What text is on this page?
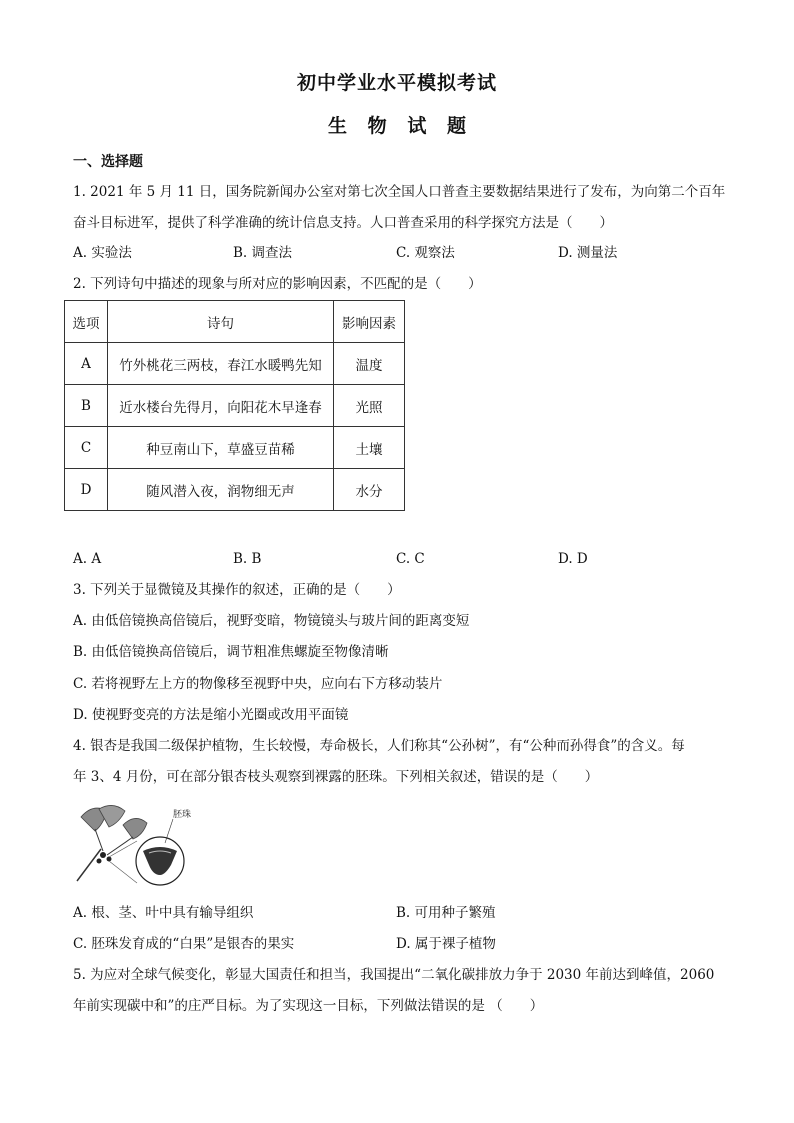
初中学业水平模拟考试
生 物 试 题
一、选择题
1. 2021 年 5 月 11 日，国务院新闻办公室对第七次全国人口普查主要数据结果进行了发布，为向第二个百年
奋斗目标进军，提供了科学准确的统计信息支持。人口普查采用的科学探究方法是（　　）
A. 实验法	B. 调查法	C. 观察法	D. 测量法
2. 下列诗句中描述的现象与所对应的影响因素，不匹配的是（　　）
选项	诗句	影响因素
A	竹外桃花三两枝，春江水暖鸭先知	温度
B	近水楼台先得月，向阳花木早逢春	光照
C	种豆南山下，草盛豆苗稀	土壤
D	随风潜入夜，润物细无声	水分
A. A	B. B	C. C	D. D
3. 下列关于显微镜及其操作的叙述，正确的是（　　）
A. 由低倍镜换高倍镜后，视野变暗，物镜镜头与玻片间的距离变短
B. 由低倍镜换高倍镜后，调节粗准焦螺旋至物像清晰
C. 若将视野左上方的物像移至视野中央，应向右下方移动装片
D. 使视野变亮的方法是缩小光圈或改用平面镜
4. 银杏是我国二级保护植物，生长较慢，寿命极长，人们称其“公孙树”，有“公种而孙得食”的含义。每
年 3、4 月份，可在部分银杏枝头观察到裸露的胚珠。下列相关叙述，错误的是（　　）
胚珠
A. 根、茎、叶中具有输导组织	B. 可用种子繁殖
C. 胚珠发育成的“白果”是银杏的果实	D. 属于裸子植物
5. 为应对全球气候变化，彰显大国责任和担当，我国提出“二氧化碳排放力争于 2030 年前达到峰值，2060
年前实现碳中和”的庄严目标。为了实现这一目标，下列做法错误的是 （　　）
